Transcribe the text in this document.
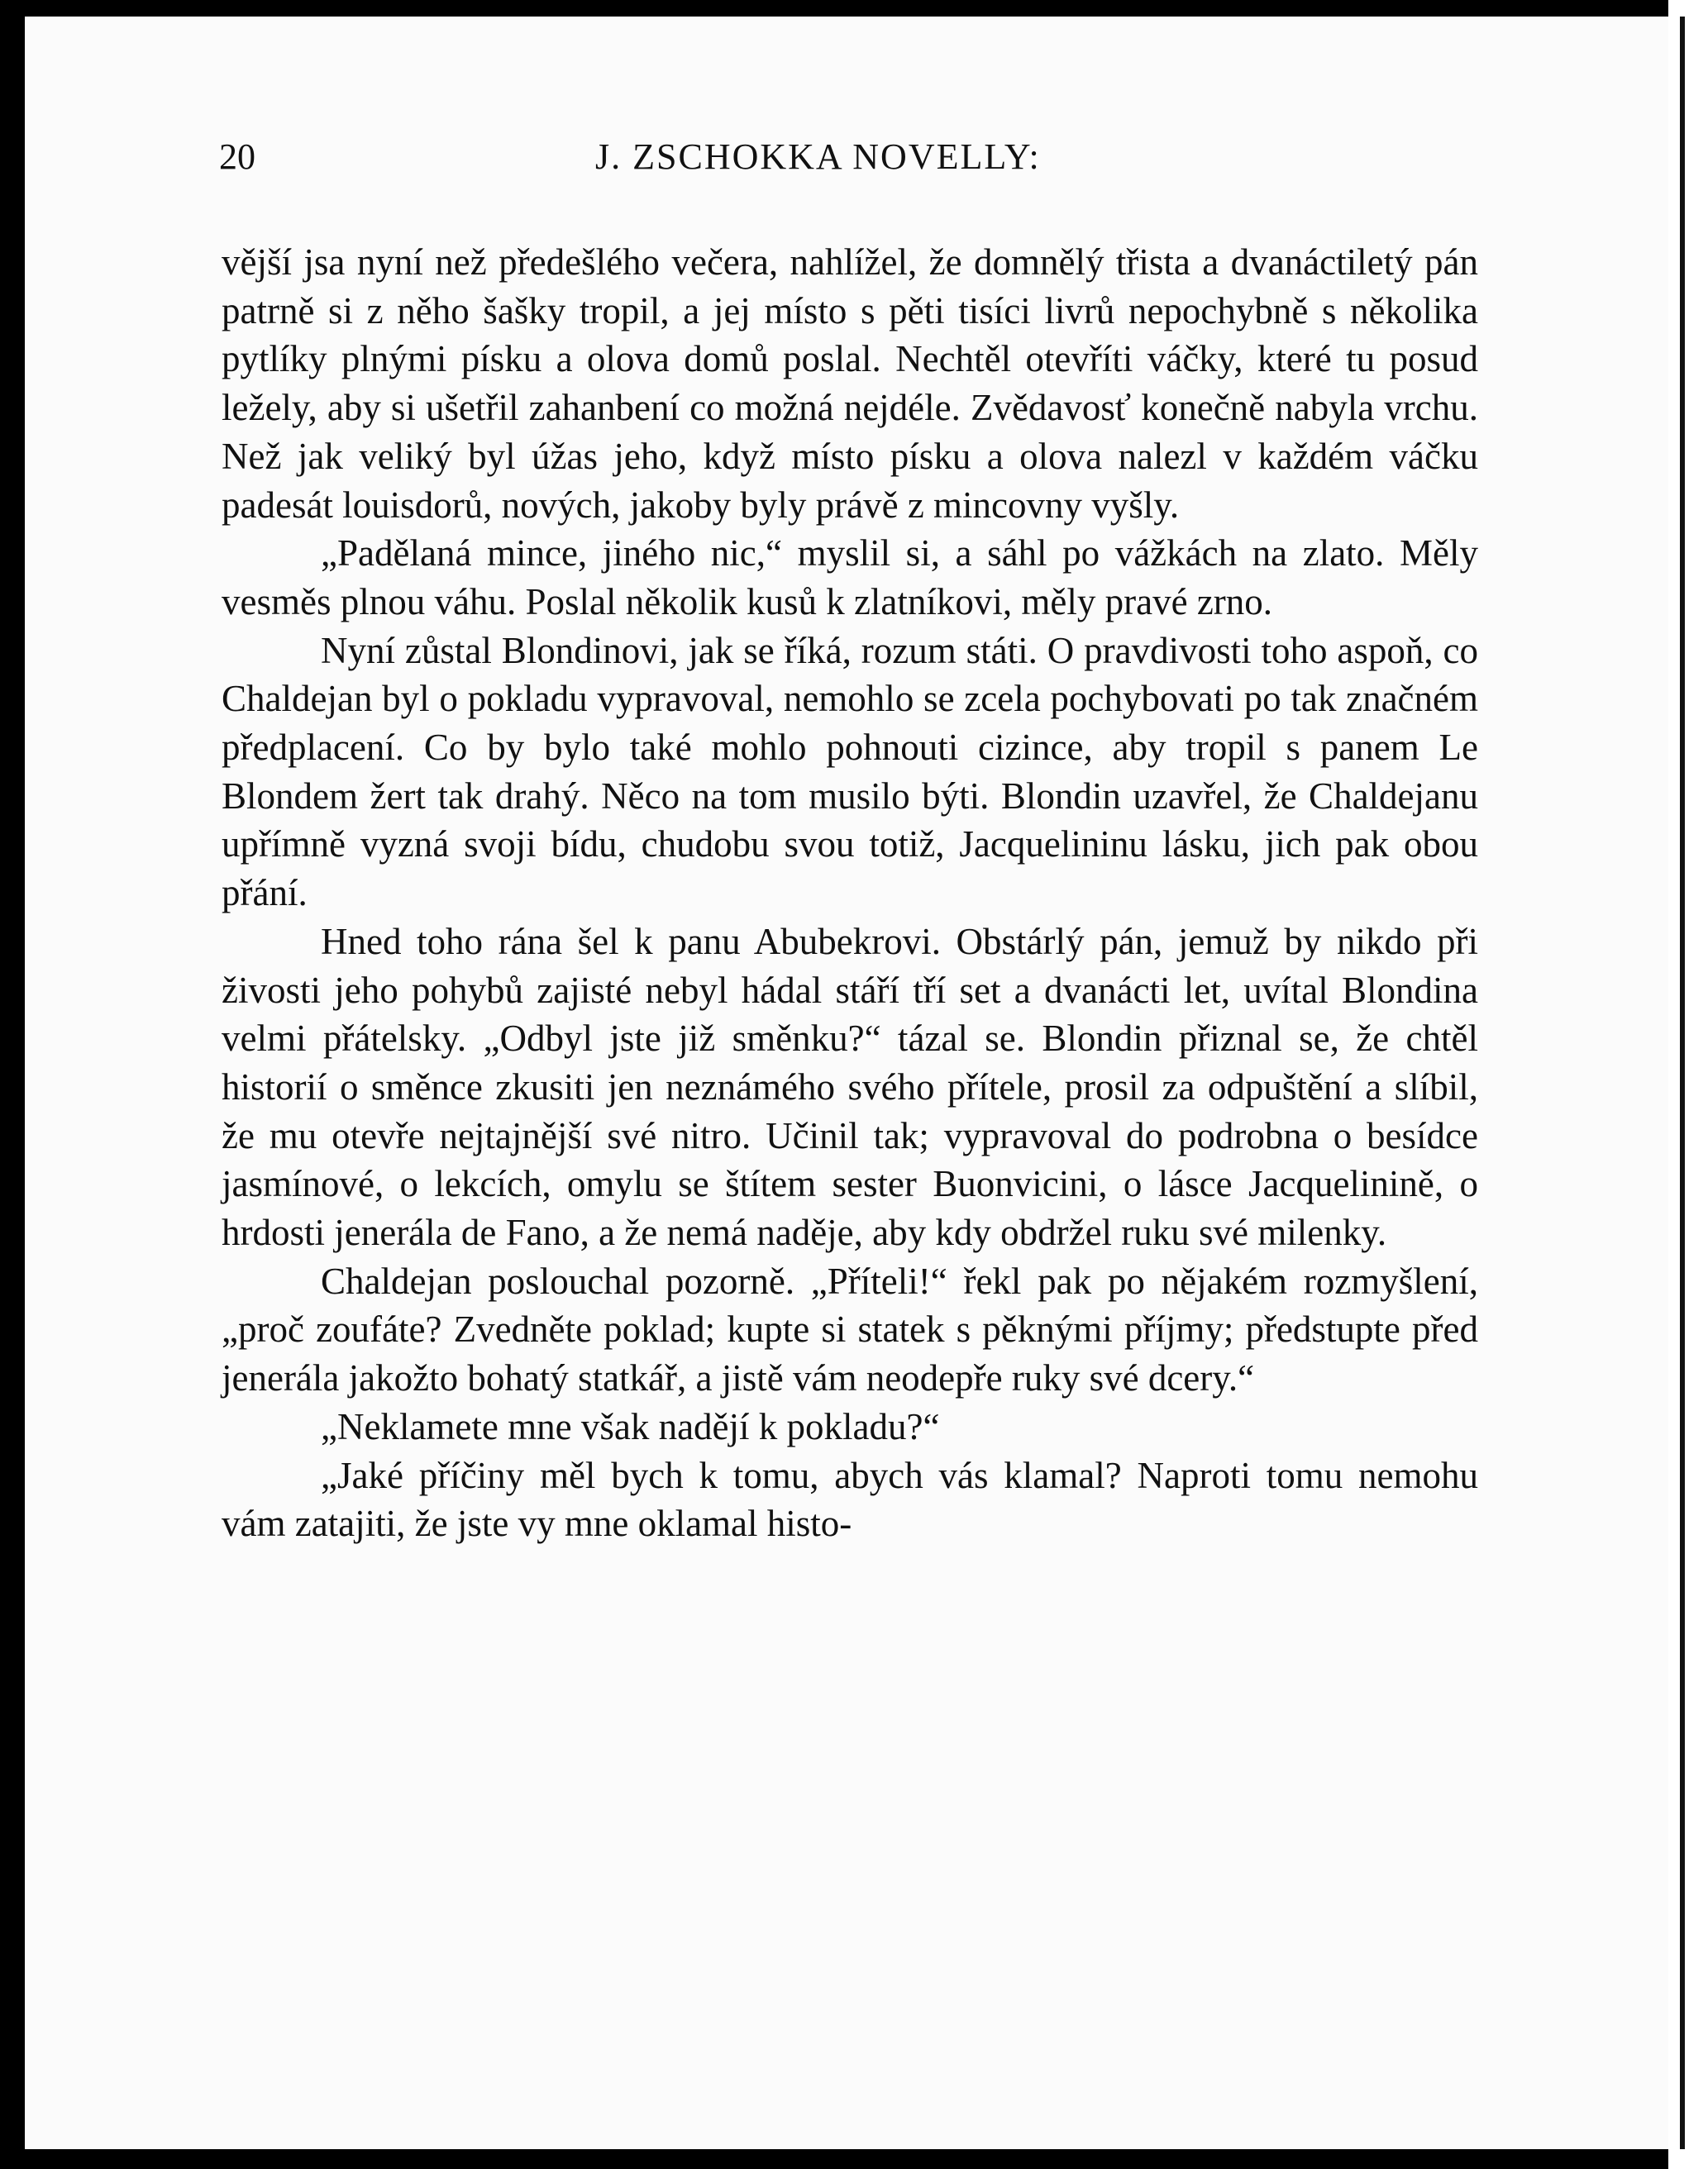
20	J. ZSCHOKKA NOVELLY:

vější jsa nyní než předešlého večera, nahlížel, že domnělý třista a dvanáctiletý pán patrně si z něho šašky tropil, a jej místo s pěti tisíci livrů nepochybně s několika pytlíky plnými písku a olova domů poslal. Nechtěl otevříti váčky, které tu posud ležely, aby si ušetřil zahanbení co možná nejdéle. Zvědavosť konečně nabyla vrchu. Než jak veliký byl úžas jeho, když místo písku a olova nalezl v každém váčku padesát louisdorů, nových, jakoby byly právě z mincovny vyšly.

„Padělaná mince, jiného nic,“ myslil si, a sáhl po vážkách na zlato. Měly vesměs plnou váhu. Poslal několik kusů k zlatníkovi, měly pravé zrno.

Nyní zůstal Blondinovi, jak se říká, rozum státi. O pravdivosti toho aspoň, co Chaldejan byl o pokladu vypravoval, nemohlo se zcela pochybovati po tak značném předplacení. Co by bylo také mohlo pohnouti cizince, aby tropil s panem Le Blondem žert tak drahý. Něco na tom musilo býti. Blondin uzavřel, že Chaldejanu upřímně vyzná svoji bídu, chudobu svou totiž, Jacquelininu lásku, jich pak obou přání.

Hned toho rána šel k panu Abubekrovi. Obstárlý pán, jemuž by nikdo při živosti jeho pohybů zajisté nebyl hádal stáří tří set a dvanácti let, uvítal Blondina velmi přátelsky. „Odbyl jste již směnku?“ tázal se. Blondin přiznal se, že chtěl historií o směnce zkusiti jen neznámého svého přítele, prosil za odpuštění a slíbil, že mu otevře nejtajnější své nitro. Učinil tak; vypravoval do podrobna o besídce jasmínové, o lekcích, omylu se štítem sester Buonvicini, o lásce Jacquelinině, o hrdosti jenerála de Fano, a že nemá naděje, aby kdy obdržel ruku své milenky.

Chaldejan poslouchal pozorně. „Příteli!“ řekl pak po nějakém rozmyšlení, „proč zoufáte? Zvedněte poklad; kupte si statek s pěknými příjmy; předstupte před jenerála jakožto bohatý statkář, a jistě vám neodepře ruky své dcery.“

„Neklamete mne však nadějí k pokladu?“

„Jaké příčiny měl bych k tomu, abych vás klamal? Naproti tomu nemohu vám zatajiti, že jste vy mne oklamal histo-
